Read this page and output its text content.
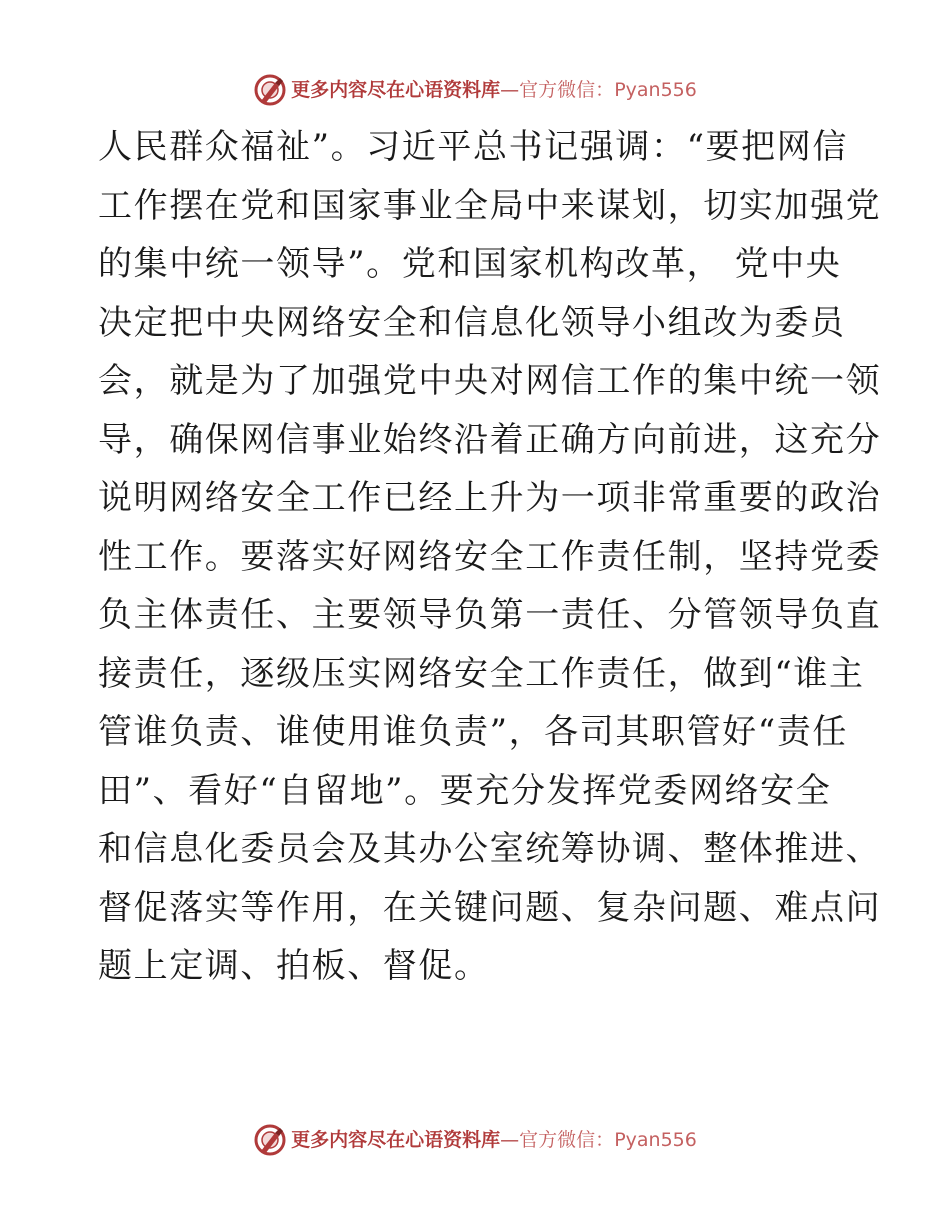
更多内容尽在心语资料库—官方微信：Pyan556
人民群众福祉”。习近平总书记强调：“要把网信
工作摆在党和国家事业全局中来谋划，切实加强党
的集中统一领导”。党和国家机构改革， 党中央
决定把中央网络安全和信息化领导小组改为委员
会，就是为了加强党中央对网信工作的集中统一领
导，确保网信事业始终沿着正确方向前进，这充分
说明网络安全工作已经上升为一项非常重要的政治
性工作。要落实好网络安全工作责任制，坚持党委
负主体责任、主要领导负第一责任、分管领导负直
接责任，逐级压实网络安全工作责任，做到“谁主
管谁负责、谁使用谁负责”，各司其职管好“责任
田”、看好“自留地”。要充分发挥党委网络安全
和信息化委员会及其办公室统筹协调、整体推进、
督促落实等作用，在关键问题、复杂问题、难点问
题上定调、拍板、督促。
更多内容尽在心语资料库—官方微信：Pyan556
